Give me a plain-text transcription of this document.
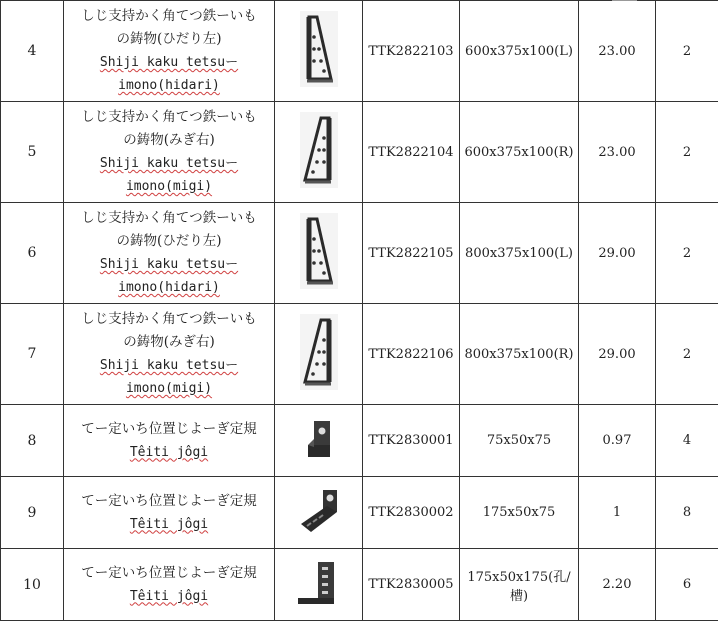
4	しじ支持かく角てつ鉄ーいも
の鋳物(ひだり左)
Shiji kaku tetsuー
imono(hidari)		TTK2822103	600x375x100(L)	23.00	2
5	しじ支持かく角てつ鉄ーいも
の鋳物(みぎ右)
Shiji kaku tetsuー
imono(migi)		TTK2822104	600x375x100(R)	23.00	2
6	しじ支持かく角てつ鉄ーいも
の鋳物(ひだり左)
Shiji kaku tetsuー
imono(hidari)		TTK2822105	800x375x100(L)	29.00	2
7	しじ支持かく角てつ鉄ーいも
の鋳物(みぎ右)
Shiji kaku tetsuー
imono(migi)		TTK2822106	800x375x100(R)	29.00	2
8	てー定いち位置じよーぎ定規
Têiti jôgi		TTK2830001	75x50x75	0.97	4
9	てー定いち位置じよーぎ定規
Têiti jôgi		TTK2830002	175x50x75	1	8
10	てー定いち位置じよーぎ定規
Têiti jôgi		TTK2830005	175x50x175(孔/槽)	2.20	6
